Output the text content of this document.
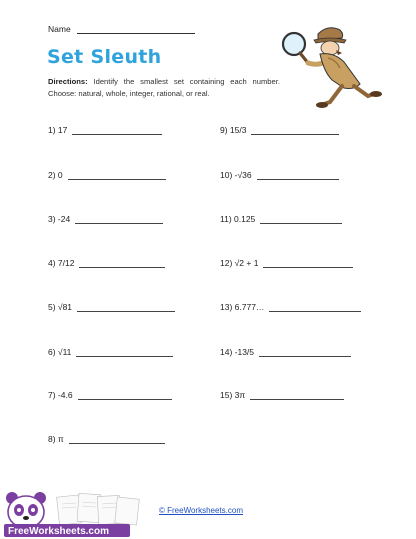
Name
Set Sleuth
Directions: Identify the smallest set containing each number. Choose: natural, whole, integer, rational, or real.
1) 17
2) 0
3) -24
4) 7/12
5) √81
6) √11
7) -4.6
8) π
9) 15/3
10) -√36
11) 0.125
12) √2 + 1
13) 6.777…
14) -13/5
15) 3π
FreeWorksheets.com
© FreeWorksheets.com
